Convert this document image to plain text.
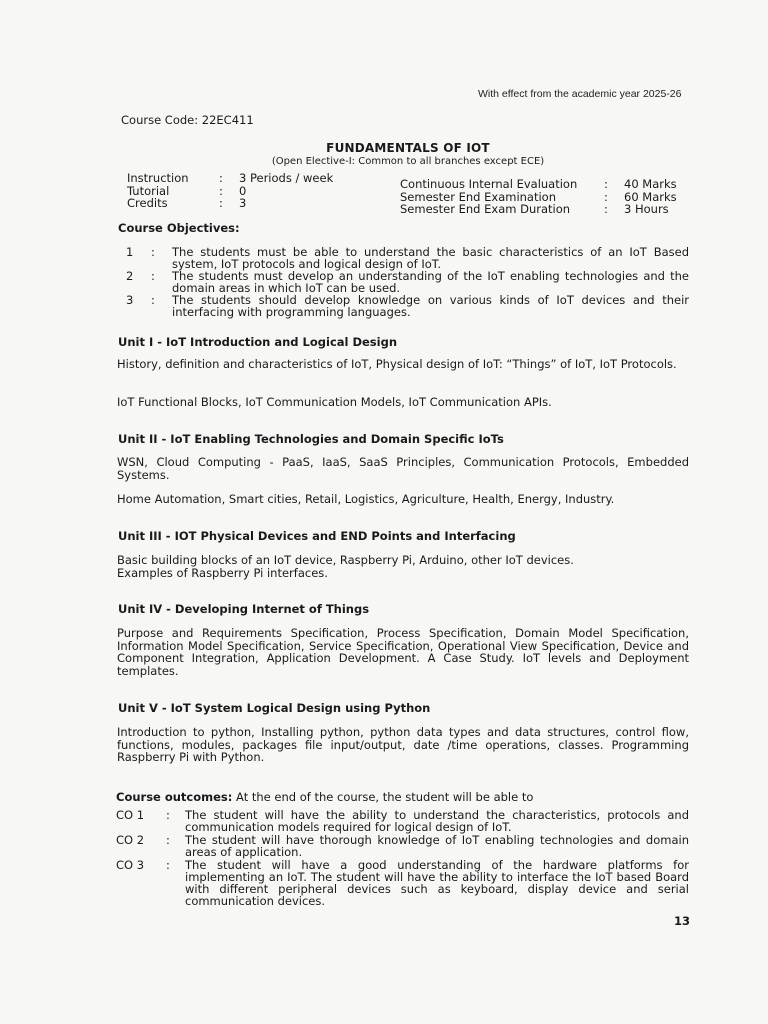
With effect from the academic year 2025-26
Course Code: 22EC411
FUNDAMENTALS OF IOT
(Open Elective-I: Common to all branches except ECE)
Instruction	:	3 Periods / week
Tutorial	:	0
Credits	:	3
Continuous Internal Evaluation	:	40 Marks
Semester End Examination	:	60 Marks
Semester End Exam Duration	:	3 Hours
Course Objectives:
1 : The students must be able to understand the basic characteristics of an IoT Based system, IoT protocols and logical design of IoT.
2 : The students must develop an understanding of the IoT enabling technologies and the domain areas in which IoT can be used.
3 : The students should develop knowledge on various kinds of IoT devices and their interfacing with programming languages.
Unit I - IoT Introduction and Logical Design
History, definition and characteristics of IoT, Physical design of IoT: “Things” of IoT, IoT Protocols.
IoT Functional Blocks, IoT Communication Models, IoT Communication APIs.
Unit II - IoT Enabling Technologies and Domain Specific IoTs
WSN, Cloud Computing - PaaS, IaaS, SaaS Principles, Communication Protocols, Embedded Systems.
Home Automation, Smart cities, Retail, Logistics, Agriculture, Health, Energy, Industry.
Unit III - IOT Physical Devices and END Points and Interfacing
Basic building blocks of an IoT device, Raspberry Pi, Arduino, other IoT devices.
Examples of Raspberry Pi interfaces.
Unit IV - Developing Internet of Things
Purpose and Requirements Specification, Process Specification, Domain Model Specification, Information Model Specification, Service Specification, Operational View Specification, Device and Component Integration, Application Development. A Case Study. IoT levels and Deployment templates.
Unit V - IoT System Logical Design using Python
Introduction to python, Installing python, python data types and data structures, control flow, functions, modules, packages file input/output, date /time operations, classes. Programming Raspberry Pi with Python.
Course outcomes: At the end of the course, the student will be able to
CO 1 : The student will have the ability to understand the characteristics, protocols and communication models required for logical design of IoT.
CO 2 : The student will have thorough knowledge of IoT enabling technologies and domain areas of application.
CO 3 : The student will have a good understanding of the hardware platforms for implementing an IoT. The student will have the ability to interface the IoT based Board with different peripheral devices such as keyboard, display device and serial communication devices.
13
